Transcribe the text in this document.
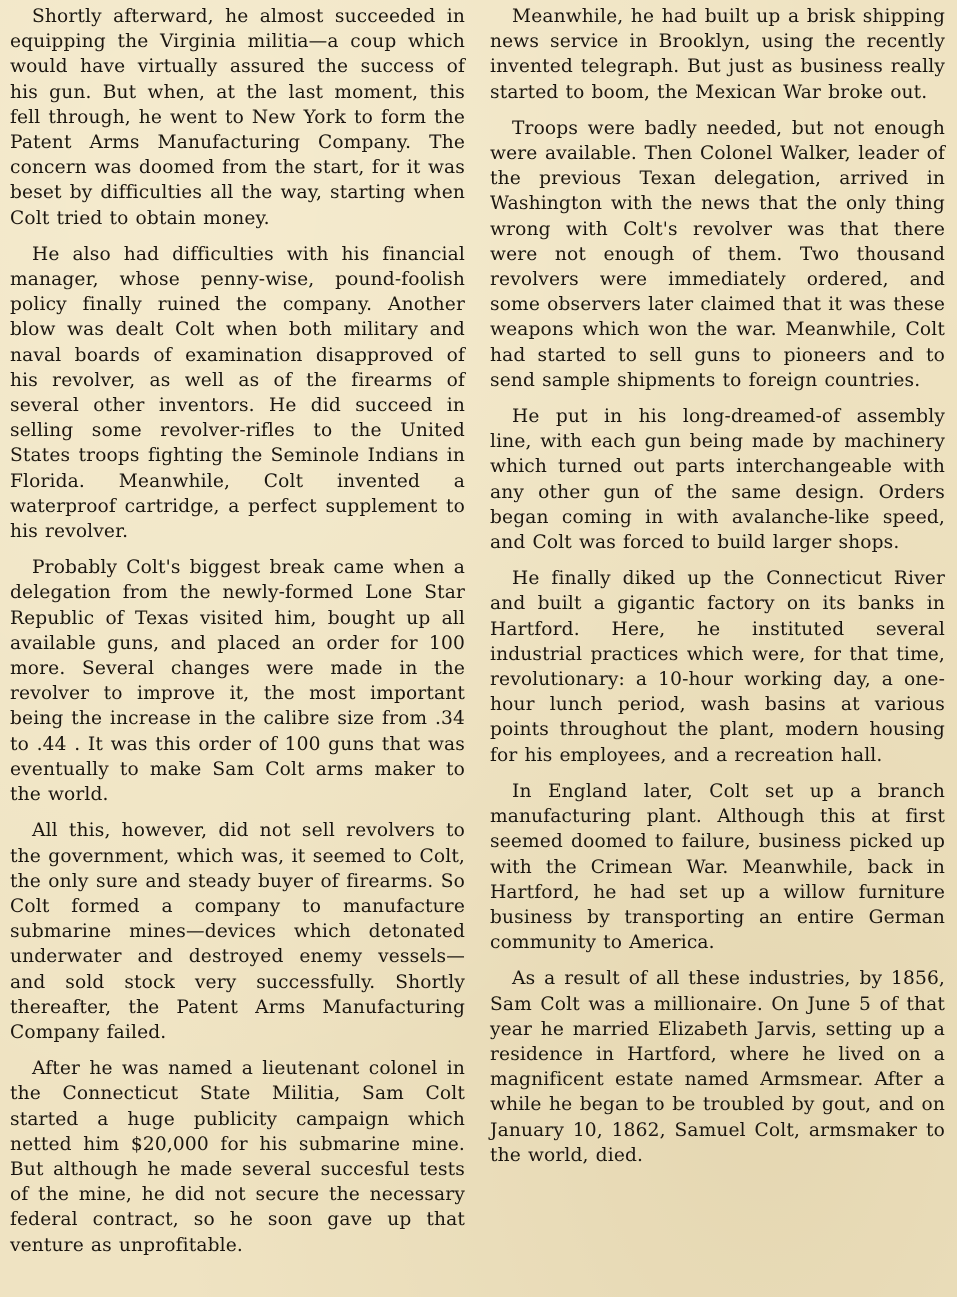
Shortly afterward, he almost succeeded in equipping the Virginia militia—a coup which would have virtually assured the success of his gun. But when, at the last moment, this fell through, he went to New York to form the Patent Arms Manufacturing Company. The concern was doomed from the start, for it was beset by difficulties all the way, starting when Colt tried to obtain money.

He also had difficulties with his financial manager, whose penny-wise, pound-foolish policy finally ruined the company. Another blow was dealt Colt when both military and naval boards of examination disapproved of his revolver, as well as of the firearms of several other inventors. He did succeed in selling some revolver-rifles to the United States troops fighting the Seminole Indians in Florida. Meanwhile, Colt invented a waterproof cartridge, a perfect supplement to his revolver.

Probably Colt's biggest break came when a delegation from the newly-formed Lone Star Republic of Texas visited him, bought up all available guns, and placed an order for 100 more. Several changes were made in the revolver to improve it, the most important being the increase in the calibre size from .34 to .44 . It was this order of 100 guns that was eventually to make Sam Colt arms maker to the world.

All this, however, did not sell revolvers to the government, which was, it seemed to Colt, the only sure and steady buyer of firearms. So Colt formed a company to manufacture submarine mines—devices which detonated underwater and destroyed enemy vessels—and sold stock very successfully. Shortly thereafter, the Patent Arms Manufacturing Company failed.

After he was named a lieutenant colonel in the Connecticut State Militia, Sam Colt started a huge publicity campaign which netted him $20,000 for his submarine mine. But although he made several succesful tests of the mine, he did not secure the necessary federal contract, so he soon gave up that venture as unprofitable.

Meanwhile, he had built up a brisk shipping news service in Brooklyn, using the recently invented telegraph. But just as business really started to boom, the Mexican War broke out.

Troops were badly needed, but not enough were available. Then Colonel Walker, leader of the previous Texan delegation, arrived in Washington with the news that the only thing wrong with Colt's revolver was that there were not enough of them. Two thousand revolvers were immediately ordered, and some observers later claimed that it was these weapons which won the war. Meanwhile, Colt had started to sell guns to pioneers and to send sample shipments to foreign countries.

He put in his long-dreamed-of assembly line, with each gun being made by machinery which turned out parts interchangeable with any other gun of the same design. Orders began coming in with avalanche-like speed, and Colt was forced to build larger shops.

He finally diked up the Connecticut River and built a gigantic factory on its banks in Hartford. Here, he instituted several industrial practices which were, for that time, revolutionary: a 10-hour working day, a one-hour lunch period, wash basins at various points throughout the plant, modern housing for his employees, and a recreation hall.

In England later, Colt set up a branch manufacturing plant. Although this at first seemed doomed to failure, business picked up with the Crimean War. Meanwhile, back in Hartford, he had set up a willow furniture business by transporting an entire German community to America.

As a result of all these industries, by 1856, Sam Colt was a millionaire. On June 5 of that year he married Elizabeth Jarvis, setting up a residence in Hartford, where he lived on a magnificent estate named Armsmear. After a while he began to be troubled by gout, and on January 10, 1862, Samuel Colt, armsmaker to the world, died.
